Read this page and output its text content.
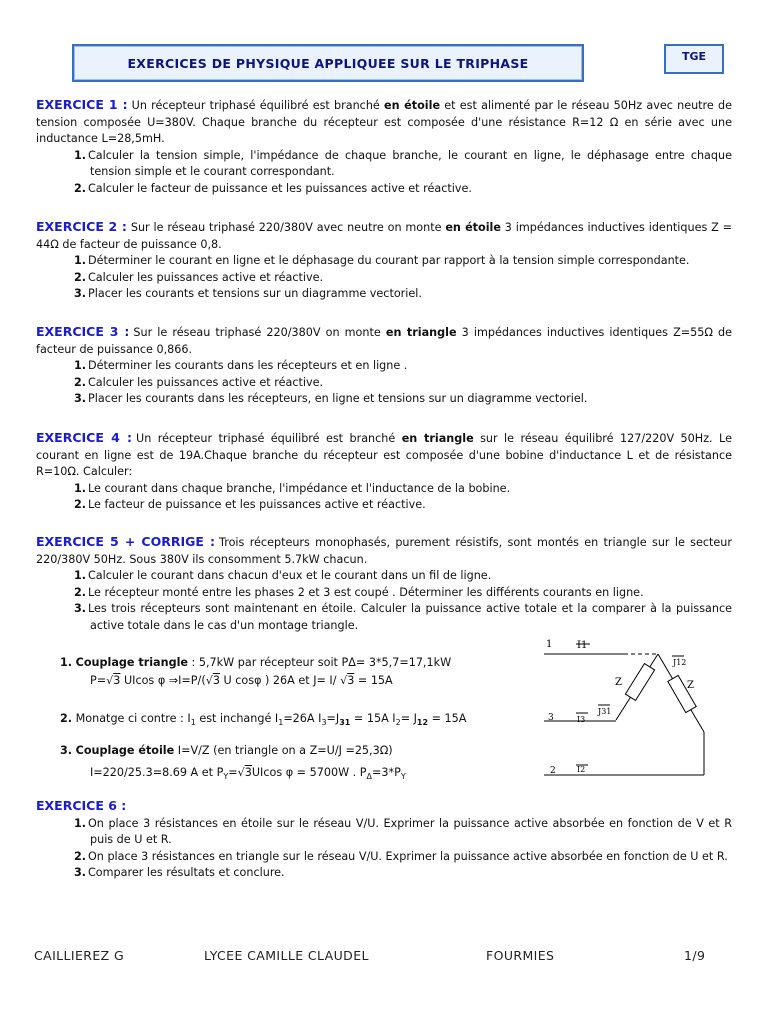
EXERCICES DE PHYSIQUE APPLIQUEE SUR LE TRIPHASE	TGE

EXERCICE 1 : Un récepteur triphasé équilibré est branché en étoile et est alimenté par le réseau 50Hz avec neutre de tension composée U=380V. Chaque branche du récepteur est composée d'une résistance R=12 Ω en série avec une inductance L=28,5mH.

1. Calculer la tension simple, l'impédance de chaque branche, le courant en ligne, le déphasage entre chaque tension simple et le courant correspondant.
2. Calculer le facteur de puissance et les puissances active et réactive.

EXERCICE 2 : Sur le réseau triphasé 220/380V avec neutre on monte en étoile 3 impédances inductives identiques Z = 44Ω de facteur de puissance 0,8.

1. Déterminer le courant en ligne et le déphasage du courant par rapport à la tension simple correspondante.
2. Calculer les puissances active et réactive.
3. Placer les courants et tensions sur un diagramme vectoriel.

EXERCICE 3 : Sur le réseau triphasé 220/380V on monte en triangle 3 impédances inductives identiques Z=55Ω de facteur de puissance 0,866.

1. Déterminer les courants dans les récepteurs et en ligne .
2. Calculer les puissances active et réactive.
3. Placer les courants dans les récepteurs, en ligne et tensions sur un diagramme vectoriel.

EXERCICE 4 : Un récepteur triphasé équilibré est branché en triangle sur le réseau équilibré 127/220V 50Hz. Le courant en ligne est de 19A.Chaque branche du récepteur est composée d'une bobine d'inductance L et de résistance R=10Ω. Calculer:

1. Le courant dans chaque branche, l'impédance et l'inductance de la bobine.
2. Le facteur de puissance et les puissances active et réactive.

EXERCICE 5 + CORRIGE : Trois récepteurs monophasés, purement résistifs, sont montés en triangle sur le secteur 220/380V 50Hz. Sous 380V ils consomment 5.7kW chacun.

1. Calculer le courant dans chacun d'eux et le courant dans un fil de ligne.
2. Le récepteur monté entre les phases 2 et 3 est coupé . Déterminer les différents courants en ligne.
3. Les trois récepteurs sont maintenant en étoile. Calculer la puissance active totale et la comparer à la puissance active totale dans le cas d'un montage triangle.
1. Couplage triangle : 5,7kW par récepteur soit PΔ= 3*5,7=17,1kW
P=√3 UIcos φ ⇒I=P/(√3 U cosφ ) 26A et J= I/ √3 = 15A
2. Monatge ci contre : $I_1$ est inchangé $I_1=26A$ $I_3=J_{31} = 15A$ $I_2= J_{12} = 15A$
3. Couplage étoile I=V/Z (en triangle on a Z=U/J =25,3Ω)
I=220/25.3=8.69 A et $P_Y=√3UIcos$ φ = 5700W . $P_\Delta=3*P_Y$
1 I1
J12
Z	Z
J31
3	I3
2	I2

EXERCICE 6 :

1. On place 3 résistances en étoile sur le réseau V/U. Exprimer la puissance active absorbée en fonction de V et R puis de U et R.
2. On place 3 résistances en triangle sur le réseau V/U. Exprimer la puissance active absorbée en fonction de U et R.
3. Comparer les résultats et conclure.
CAILLIEREZ G	LYCEE CAMILLE CLAUDEL	FOURMIES	1/9
